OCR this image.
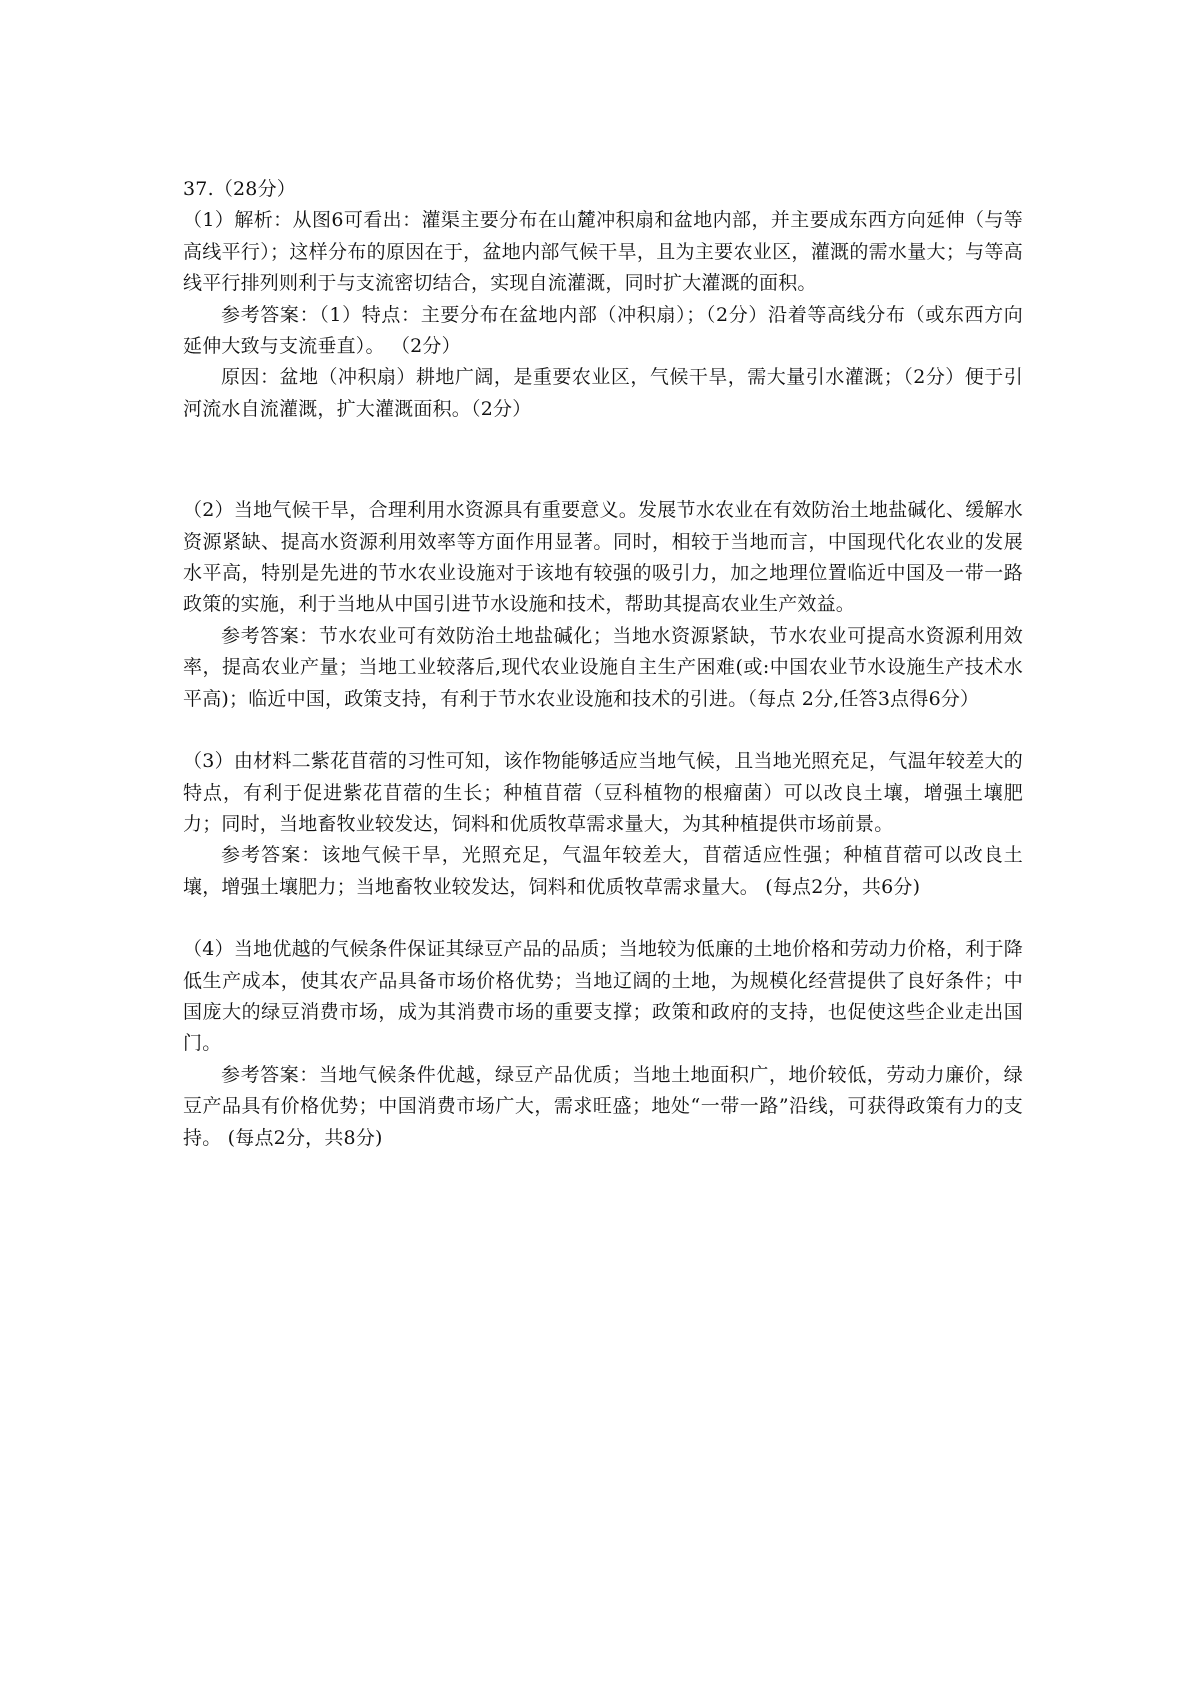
37.（28分）

（1）解析：从图6可看出：灌渠主要分布在山麓冲积扇和盆地内部，并主要成东西方向延伸（与等高线平行）；这样分布的原因在于，盆地内部气候干旱，且为主要农业区，灌溉的需水量大；与等高线平行排列则利于与支流密切结合，实现自流灌溉，同时扩大灌溉的面积。

参考答案：（1）特点：主要分布在盆地内部（冲积扇）；（2分）沿着等高线分布（或东西方向延伸大致与支流垂直）。 （2分）

原因：盆地（冲积扇）耕地广阔，是重要农业区，气候干旱，需大量引水灌溉；（2分）便于引河流水自流灌溉，扩大灌溉面积。（2分）

（2）当地气候干旱，合理利用水资源具有重要意义。发展节水农业在有效防治土地盐碱化、缓解水资源紧缺、提高水资源利用效率等方面作用显著。同时，相较于当地而言，中国现代化农业的发展水平高，特别是先进的节水农业设施对于该地有较强的吸引力，加之地理位置临近中国及一带一路政策的实施，利于当地从中国引进节水设施和技术，帮助其提高农业生产效益。

参考答案：节水农业可有效防治土地盐碱化；当地水资源紧缺，节水农业可提高水资源利用效率，提高农业产量；当地工业较落后,现代农业设施自主生产困难(或:中国农业节水设施生产技术水平高)；临近中国，政策支持，有利于节水农业设施和技术的引进。（每点 2分,任答3点得6分）

（3）由材料二紫花苜蓿的习性可知，该作物能够适应当地气候，且当地光照充足，气温年较差大的特点，有利于促进紫花苜蓿的生长；种植苜蓿（豆科植物的根瘤菌）可以改良土壤，增强土壤肥力；同时，当地畜牧业较发达，饲料和优质牧草需求量大，为其种植提供市场前景。

参考答案：该地气候干旱，光照充足，气温年较差大，苜蓿适应性强；种植苜蓿可以改良土壤，增强土壤肥力；当地畜牧业较发达，饲料和优质牧草需求量大。 (每点2分，共6分)

（4）当地优越的气候条件保证其绿豆产品的品质；当地较为低廉的土地价格和劳动力价格，利于降低生产成本，使其农产品具备市场价格优势；当地辽阔的土地，为规模化经营提供了良好条件；中国庞大的绿豆消费市场，成为其消费市场的重要支撑；政策和政府的支持，也促使这些企业走出国门。

参考答案：当地气候条件优越，绿豆产品优质；当地土地面积广，地价较低，劳动力廉价，绿豆产品具有价格优势；中国消费市场广大，需求旺盛；地处“一带一路”沿线，可获得政策有力的支持。 (每点2分，共8分)
